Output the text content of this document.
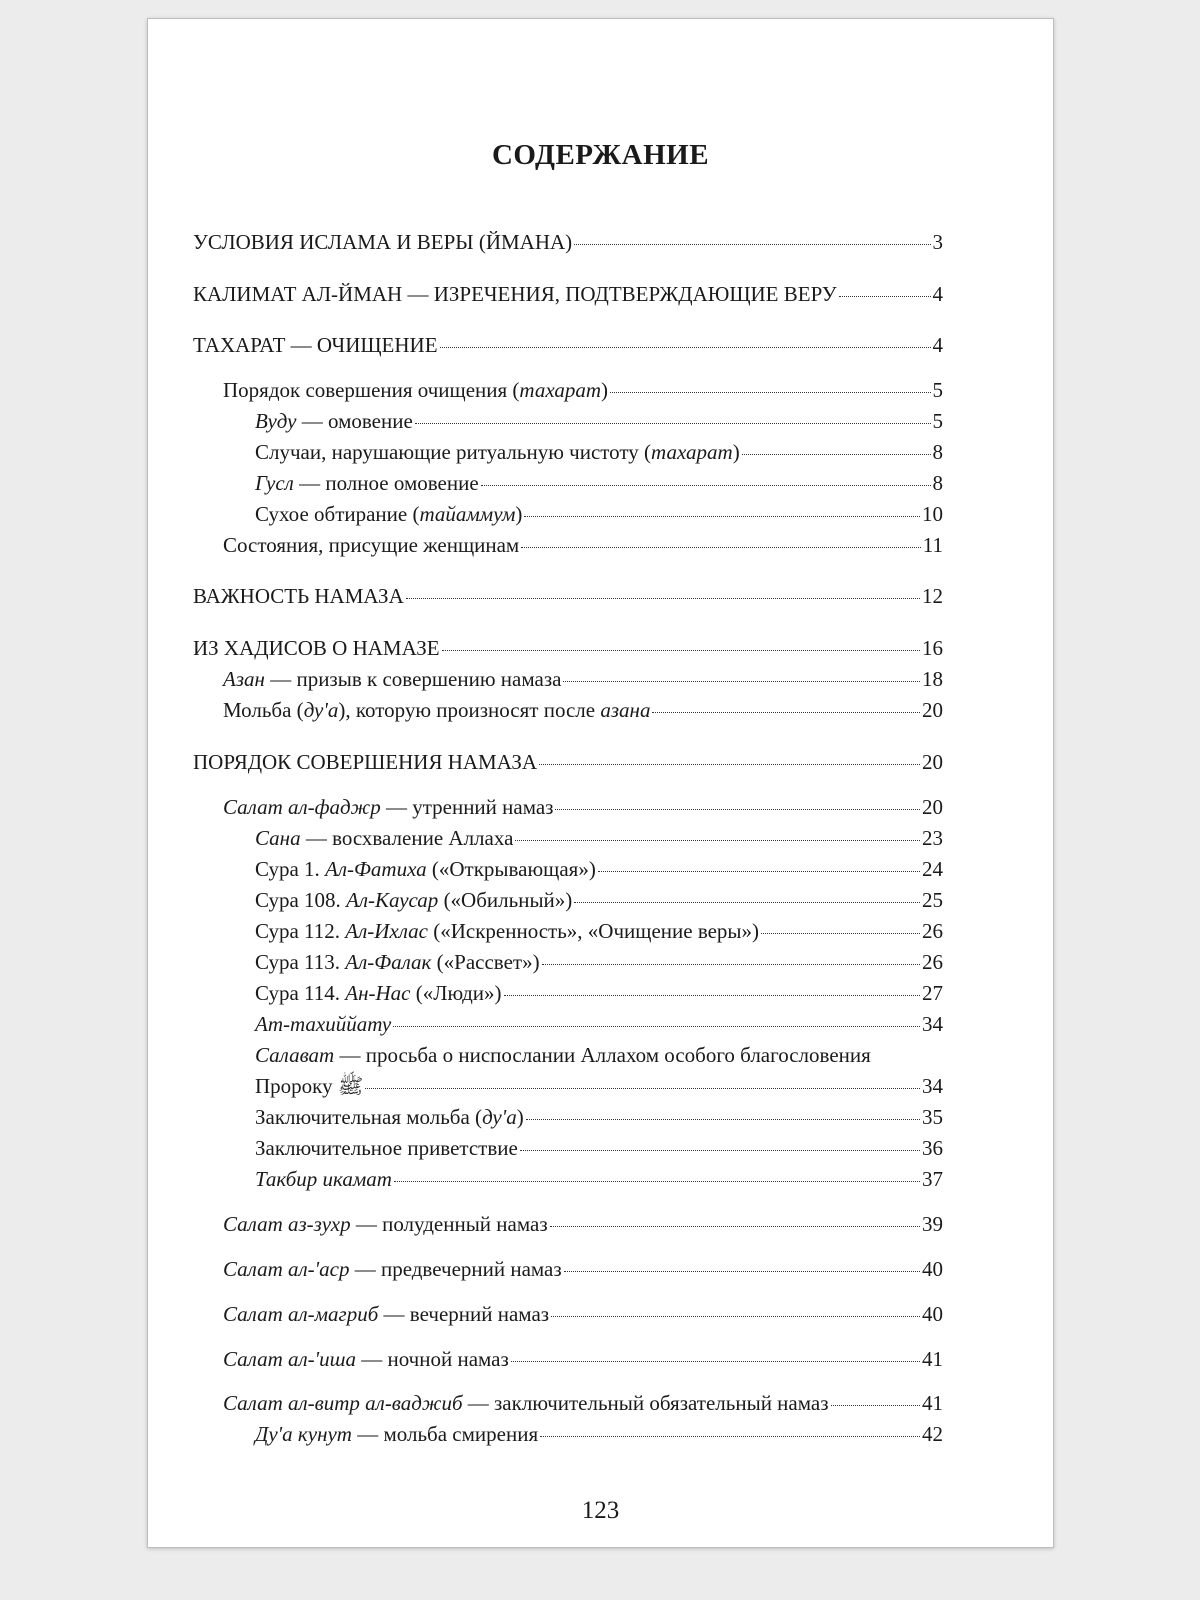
СОДЕРЖАНИЕ
УСЛОВИЯ ИСЛАМА И ВЕРЫ (ЙМАНА)	3
КАЛИМАТ АЛ-ЙМАН — ИЗРЕЧЕНИЯ, ПОДТВЕРЖДАЮЩИЕ ВЕРУ	4
ТАХАРАТ — ОЧИЩЕНИЕ	4
Порядок совершения очищения (тахарат)	5
Вуду — омовение	5
Случаи, нарушающие ритуальную чистоту (тахарат)	8
Гусл — полное омовение	8
Сухое обтирание (тайаммум)	10
Состояния, присущие женщинам	11
ВАЖНОСТЬ НАМАЗА	12
ИЗ ХАДИСОВ О НАМАЗЕ	16
Азан — призыв к совершению намаза	18
Мольба (ду'а), которую произносят после азана	20
ПОРЯДОК СОВЕРШЕНИЯ НАМАЗА	20
Салат ал-фаджр — утренний намаз	20
Сана — восхваление Аллаха	23
Сура 1. Ал-Фатиха («Открывающая»)	24
Сура 108. Ал-Каусар («Обильный»)	25
Сура 112. Ал-Ихлас («Искренность», «Очищение веры»)	26
Сура 113. Ал-Фалак («Рассвет»)	26
Сура 114. Ан-Нас («Люди»)	27
Ат-тахиййату	34
Салават — просьба о ниспослании Аллахом особого благословения
Пророку ﷺ	34
Заключительная мольба (ду'а)	35
Заключительное приветствие	36
Такбир икамат	37
Салат аз-зухр — полуденный намаз	39
Салат ал-'аср — предвечерний намаз	40
Салат ал-магриб — вечерний намаз	40
Салат ал-'иша — ночной намаз	41
Салат ал-витр ал-ваджиб — заключительный обязательный намаз	41
Ду'а кунут — мольба смирения	42
123
